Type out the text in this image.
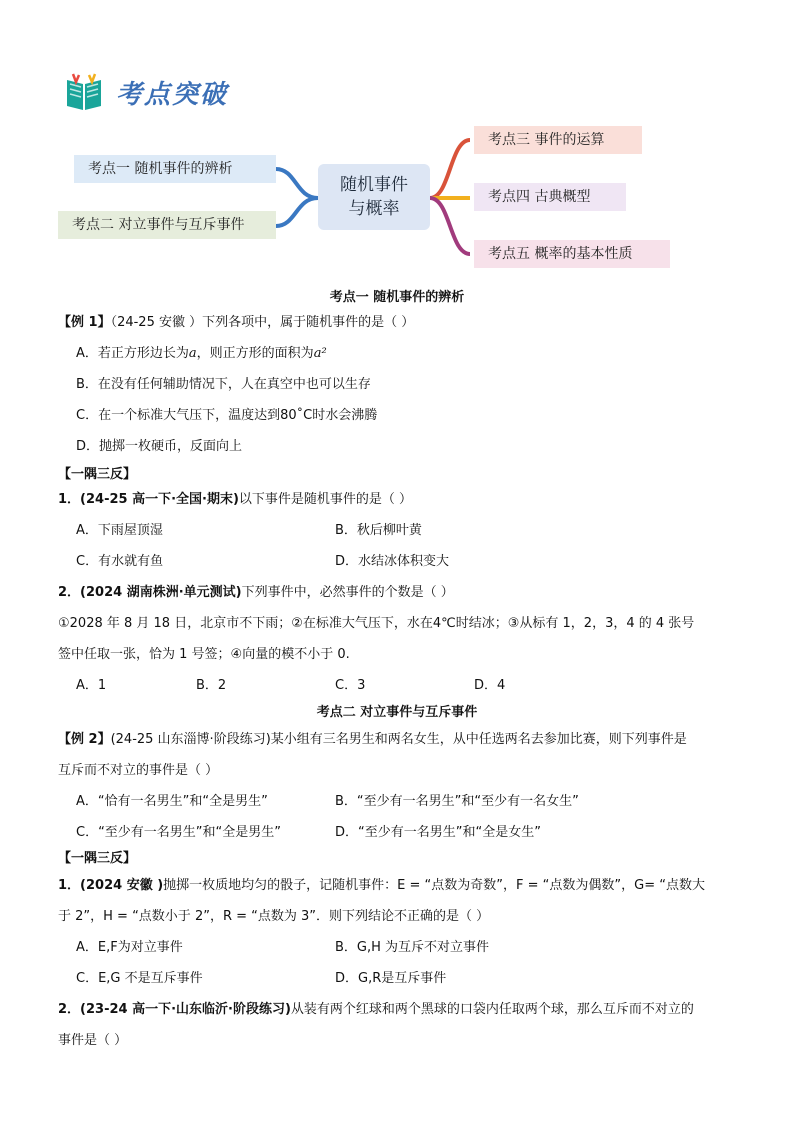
考点突破
考点一 随机事件的辨析
考点二 对立事件与互斥事件
随机事件
与概率
考点三 事件的运算
考点四 古典概型
考点五 概率的基本性质
考点一 随机事件的辨析
【例 1】（24-25 安徽 ）下列各项中，属于随机事件的是（ ）
A．若正方形边长为a，则正方形的面积为a²
B．在没有任何辅助情况下，人在真空中也可以生存
C．在一个标准大气压下，温度达到80˚C时水会沸腾
D．抛掷一枚硬币，反面向上
【一隅三反】
1．(24-25 高一下·全国·期末)以下事件是随机事件的是（ ）
A．下雨屋顶湿	B．秋后柳叶黄
C．有水就有鱼	D．水结冰体积变大
2．(2024 湖南株洲·单元测试)下列事件中，必然事件的个数是（ ）
①2028 年 8 月 18 日，北京市不下雨；②在标准大气压下，水在4℃时结冰；③从标有 1，2，3，4 的 4 张号
签中任取一张，恰为 1 号签；④向量的模不小于 0.
A．1	B．2	C．3	D．4
考点二 对立事件与互斥事件
【例 2】(24-25 山东淄博·阶段练习)某小组有三名男生和两名女生，从中任选两名去参加比赛，则下列事件是
互斥而不对立的事件是（ ）
A．“恰有一名男生”和“全是男生”	B．“至少有一名男生”和“至少有一名女生”
C．“至少有一名男生”和“全是男生”	D．“至少有一名男生”和“全是女生”
【一隅三反】
1．(2024 安徽 )抛掷一枚质地均匀的骰子，记随机事件：E = “点数为奇数”，F = “点数为偶数”，G= “点数大
于 2”，H = “点数小于 2”，R = “点数为 3”．则下列结论不正确的是（ ）
A．E,F为对立事件	B．G,H 为互斥不对立事件
C．E,G 不是互斥事件	D．G,R是互斥事件
2．(23-24 高一下·山东临沂·阶段练习)从装有两个红球和两个黑球的口袋内任取两个球，那么互斥而不对立的
事件是（ ）
